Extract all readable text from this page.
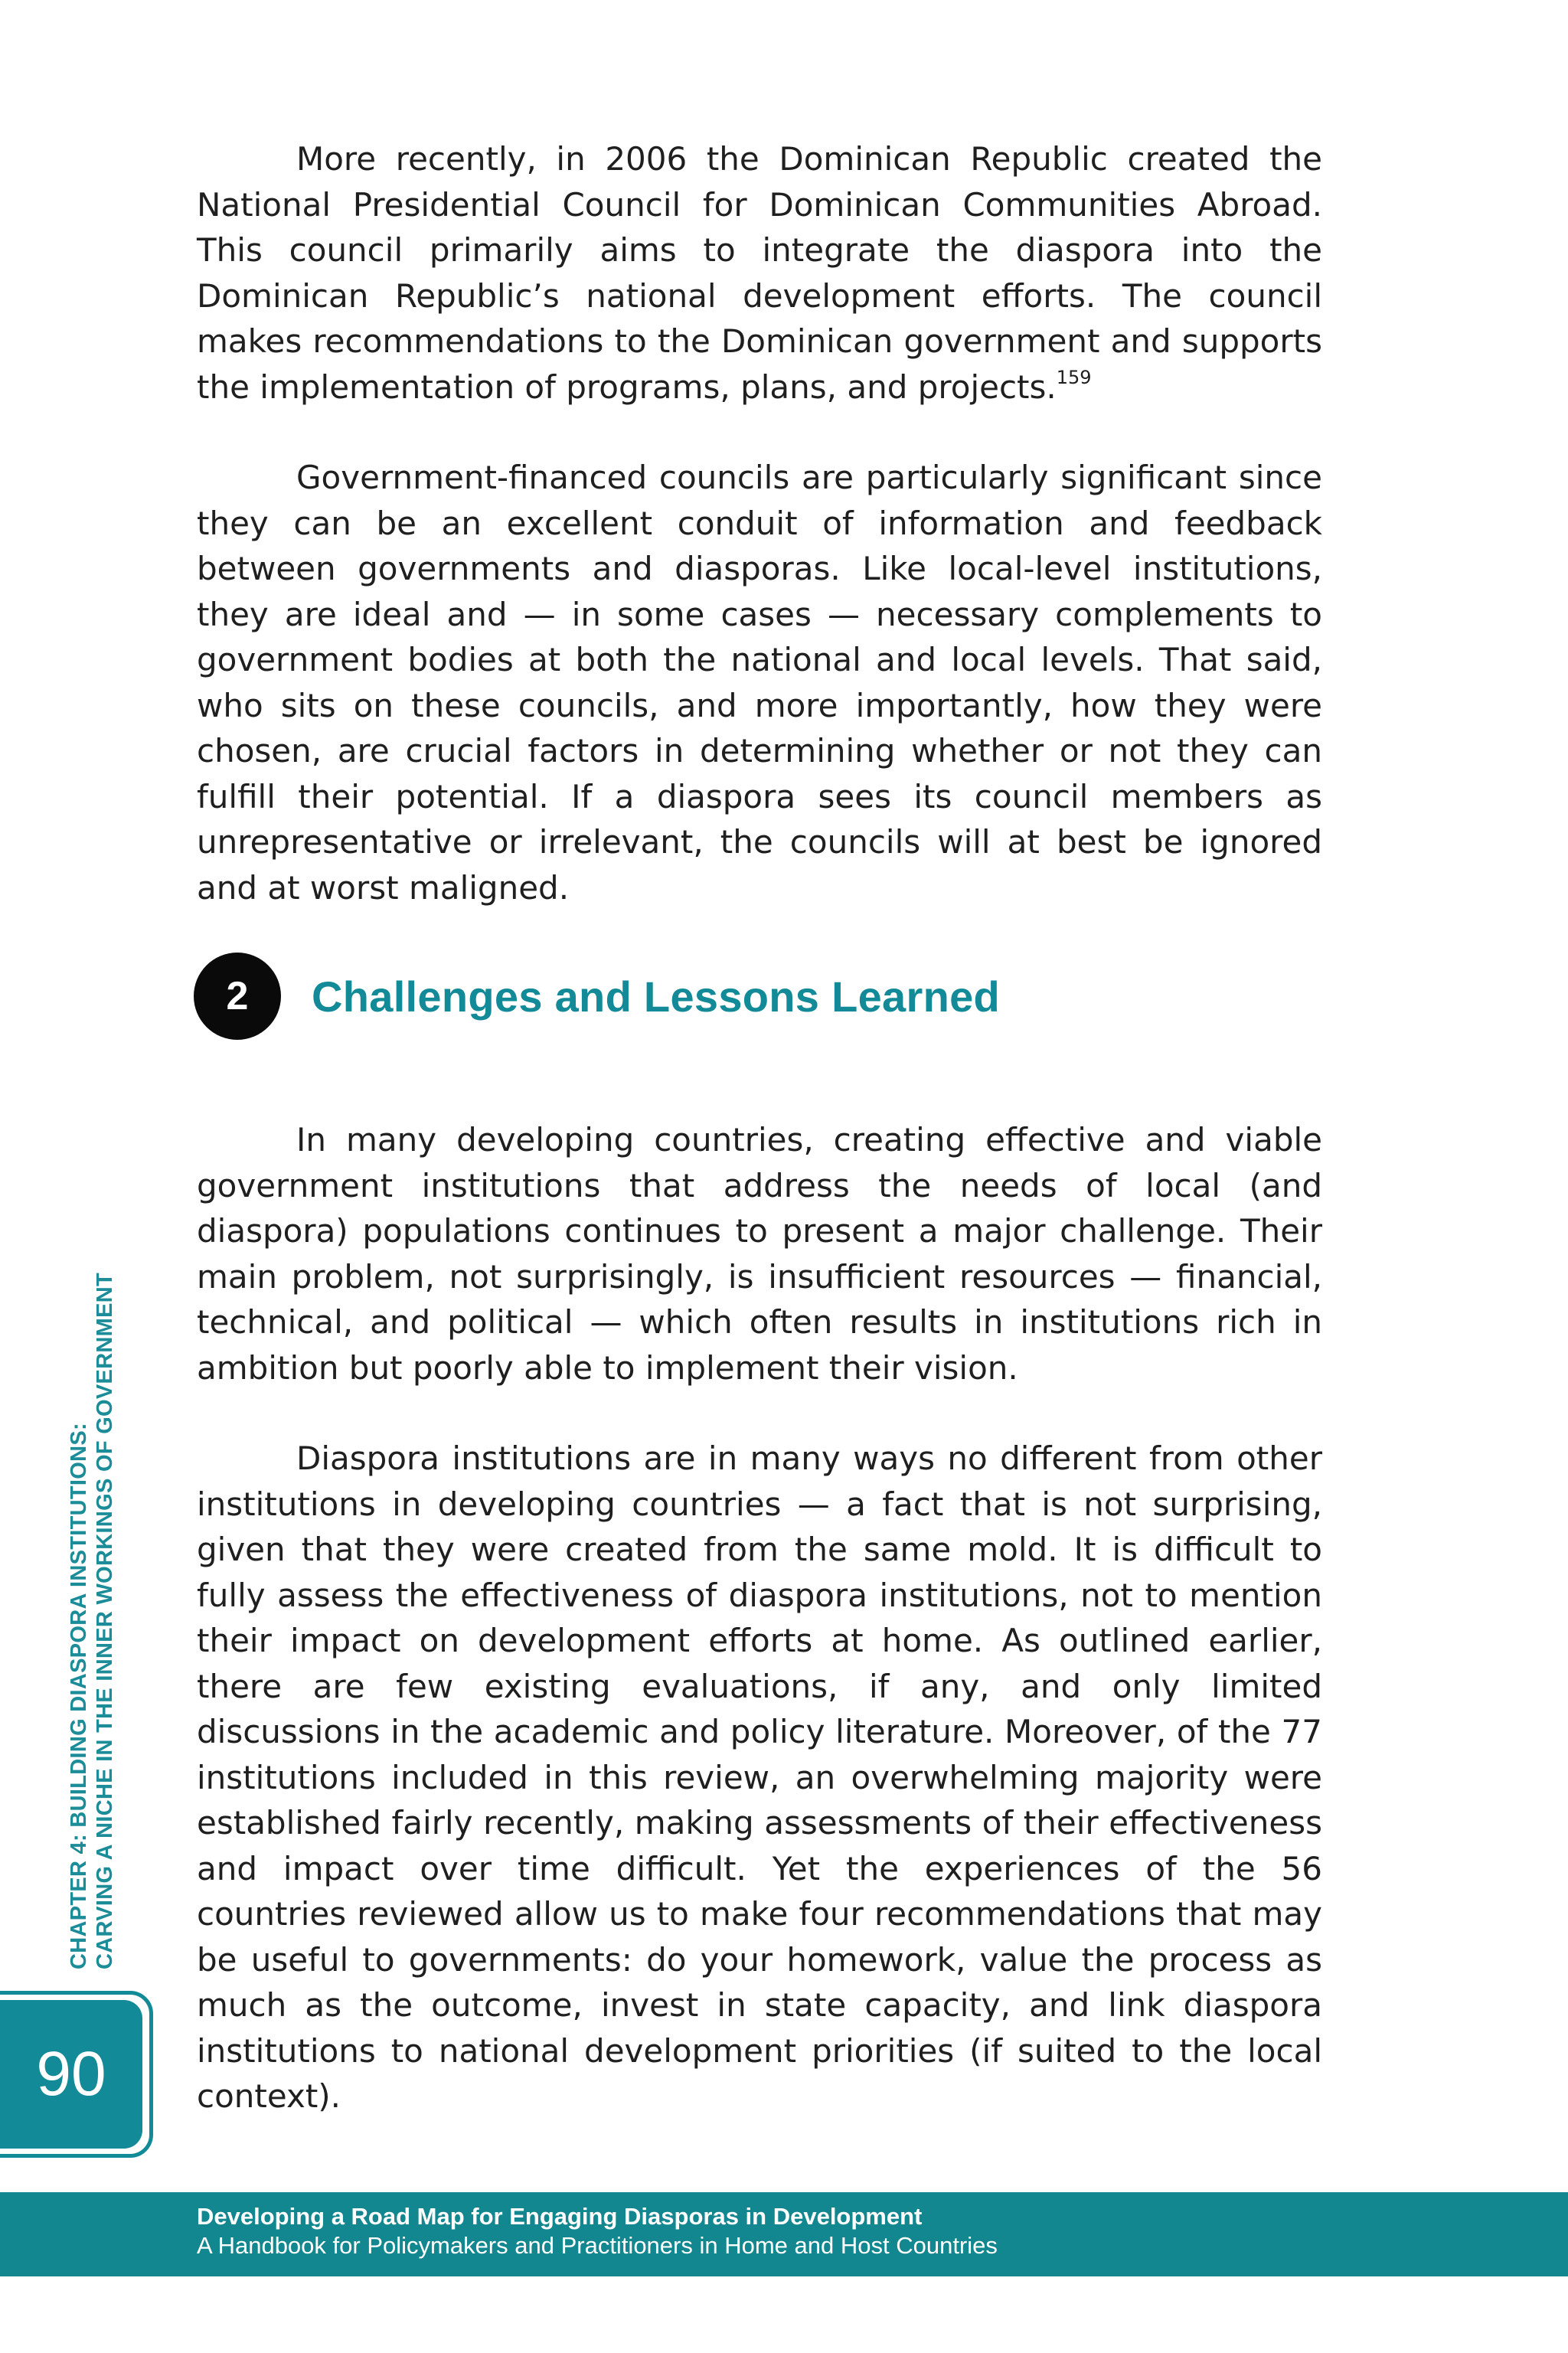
More recently, in 2006 the Dominican Republic created the National Presidential Council for Dominican Communities Abroad. This council primarily aims to integrate the diaspora into the Dominican Republic’s national development efforts. The council makes recommendations to the Dominican government and supports the implementation of programs, plans, and projects.$^{159}$

Government-financed councils are particularly significant since they can be an excellent conduit of information and feedback between governments and diasporas. Like local-level institutions, they are ideal and — in some cases — necessary complements to government bodies at both the national and local levels. That said, who sits on these councils, and more importantly, how they were chosen, are crucial factors in determining whether or not they can fulfill their potential. If a diaspora sees its council members as unrepresentative or irrelevant, the councils will at best be ignored and at worst maligned.

2	Challenges and Lessons Learned

In many developing countries, creating effective and viable government institutions that address the needs of local (and diaspora) populations continues to present a major challenge. Their main problem, not surprisingly, is insufficient resources — financial, technical, and political — which often results in institutions rich in ambition but poorly able to implement their vision.

Diaspora institutions are in many ways no different from other institutions in developing countries — a fact that is not surprising, given that they were created from the same mold. It is difficult to fully assess the effectiveness of diaspora institutions, not to mention their impact on development efforts at home. As outlined earlier, there are few existing evaluations, if any, and only limited discussions in the academic and policy literature. Moreover, of the 77 institutions included in this review, an overwhelming majority were established fairly recently, making assessments of their effectiveness and impact over time difficult. Yet the experiences of the 56 countries reviewed allow us to make four recommendations that may be useful to governments: do your homework, value the process as much as the outcome, invest in state capacity, and link diaspora institutions to national development priorities (if suited to the local context).

CHAPTER 4: BUILDING DIASPORA INSTITUTIONS: CARVING A NICHE IN THE INNER WORKINGS OF GOVERNMENT
90
Developing a Road Map for Engaging Diasporas in Development
A Handbook for Policymakers and Practitioners in Home and Host Countries
